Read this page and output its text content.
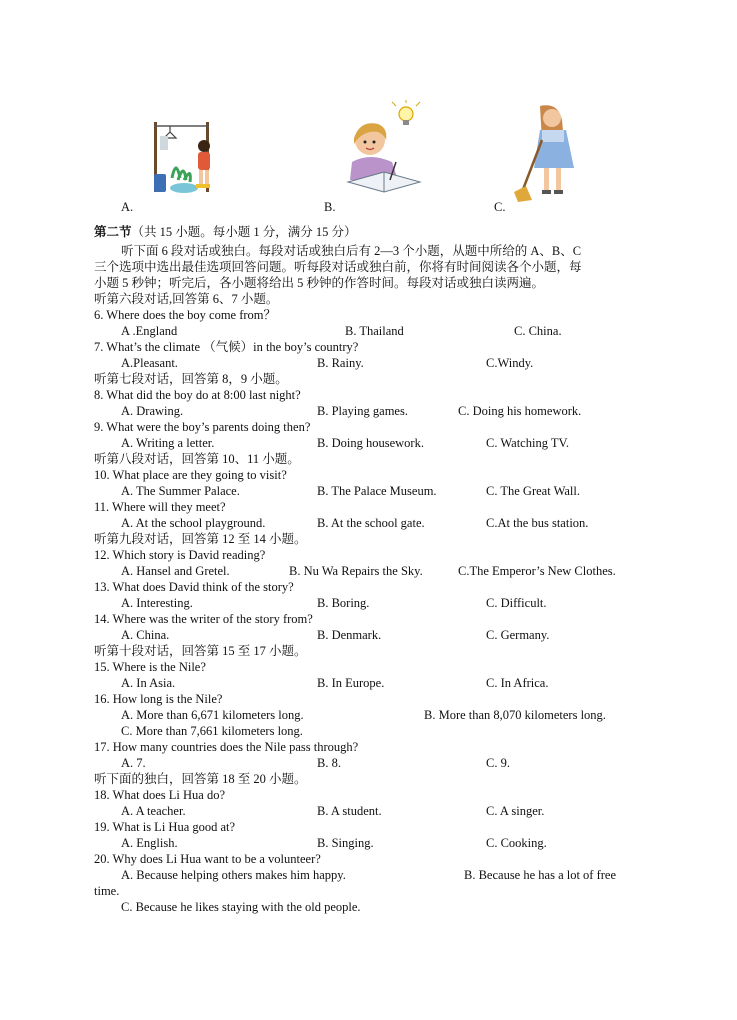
A.	B.	C.
第二节（共 15 小题。每小题 1 分，满分 15 分）
听下面 6 段对话或独白。每段对话或独白后有 2—3 个小题，从题中所给的 A、B、C
三个选项中选出最佳选项回答问题。听每段对话或独白前，你将有时间阅读各个小题，每
小题 5 秒钟；听完后，各小题将给出 5 秒钟的作答时间。每段对话或独白读两遍。
听第六段对话,回答第 6、7 小题。
6. Where does the boy come from？
A .England	B. Thailand	C. China.
7. What’s the climate （气候）in the boy’s country?
A.Pleasant.	B. Rainy.	C.Windy.
听第七段对话，回答第 8，9 小题。
8. What did the boy do at 8:00 last night?
A. Drawing.	B. Playing games.	C. Doing his homework.
9. What were the boy’s parents doing then?
A. Writing a letter.	B. Doing housework.	C. Watching TV.
听第八段对话，回答第 10、11 小题。
10. What place are they going to visit?
A. The Summer Palace.	B. The Palace Museum.	C. The Great Wall.
11. Where will they meet?
A. At the school playground.	B. At the school gate.	C.At the bus station.
听第九段对话，回答第 12 至 14 小题。
12. Which story is David reading?
A. Hansel and Gretel.	B. Nu Wa Repairs the Sky.	C.The Emperor’s New Clothes.
13. What does David think of the story?
A. Interesting.	B. Boring.	C. Difficult.
14. Where was the writer of the story from?
A. China.	B. Denmark.	C. Germany.
听第十段对话，回答第 15 至 17 小题。
15. Where is the Nile?
A. In Asia.	B. In Europe.	C. In Africa.
16. How long is the Nile?
A. More than 6,671 kilometers long.	B. More than 8,070 kilometers long.
C. More than 7,661 kilometers long.
17. How many countries does the Nile pass through?
A. 7.	B. 8.	C. 9.
听下面的独白，回答第 18 至 20 小题。
18. What does Li Hua do?
A. A teacher.	B. A student.	C. A singer.
19. What is Li Hua good at?
A. English.	B. Singing.	C. Cooking.
20. Why does Li Hua want to be a volunteer?
A. Because helping others makes him happy.	B. Because he has a lot of free
time.
C. Because he likes staying with the old people.
